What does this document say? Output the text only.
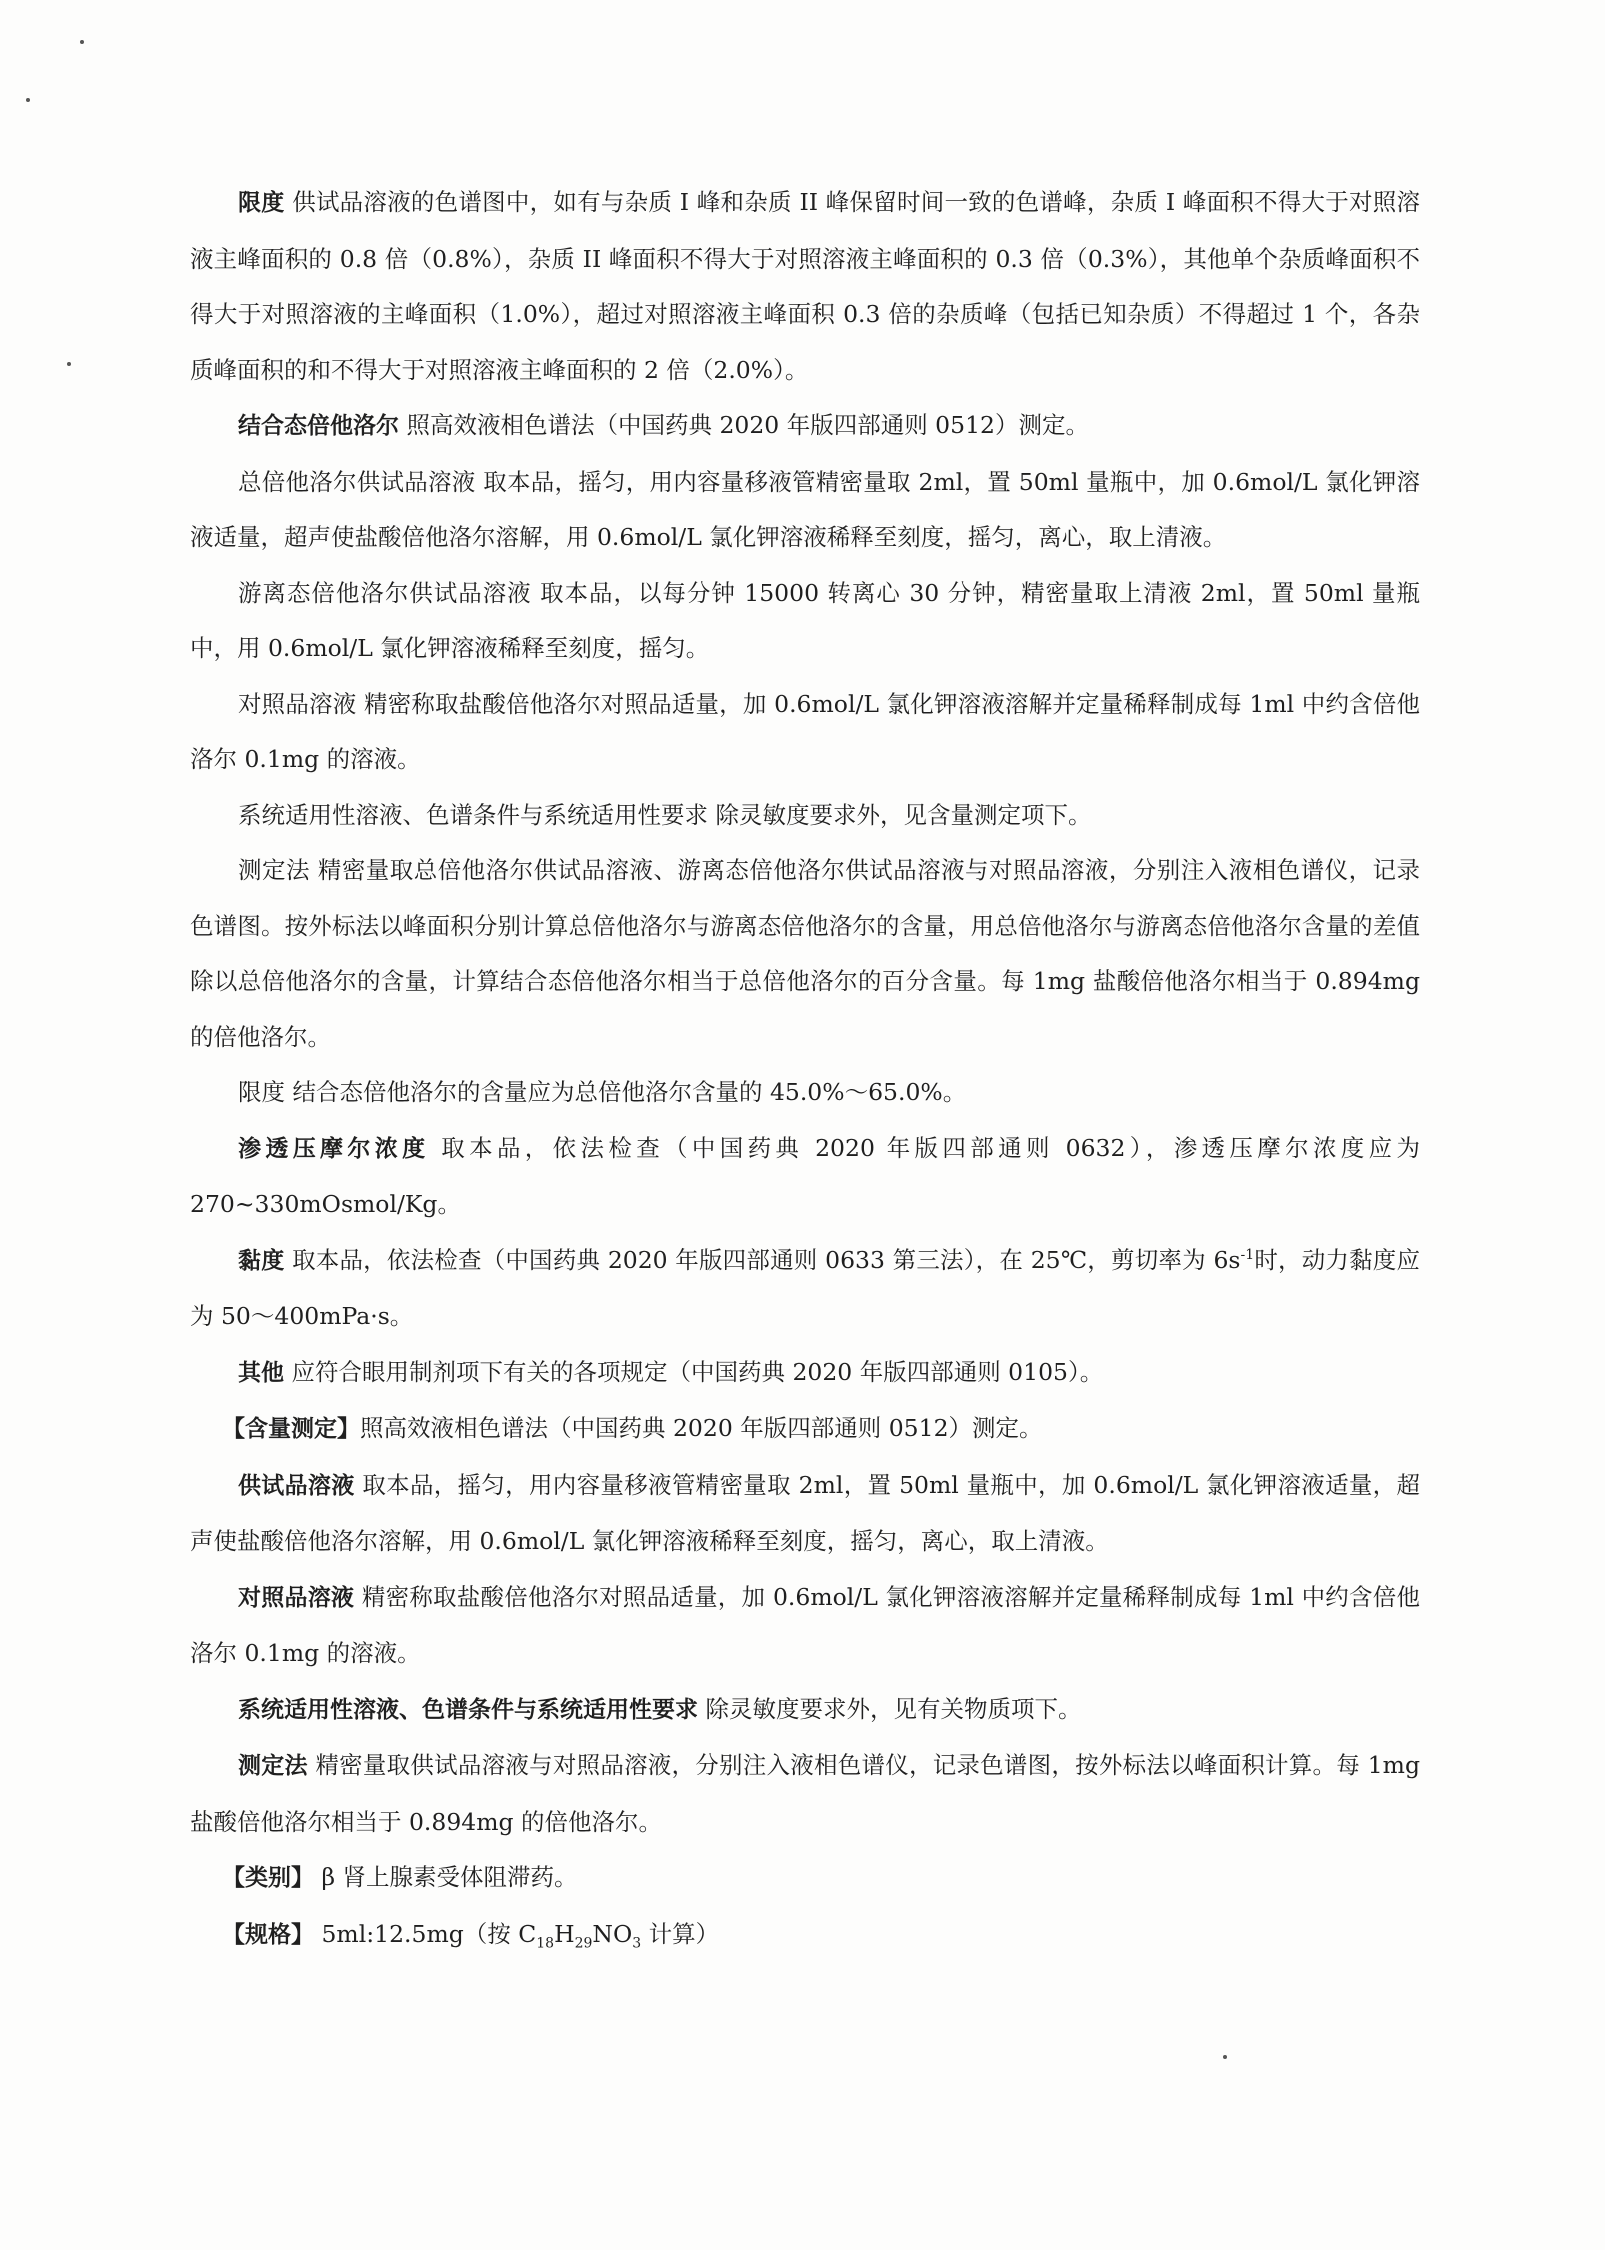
限度 供试品溶液的色谱图中，如有与杂质 I 峰和杂质 II 峰保留时间一致的色谱峰，杂质 I 峰面积不得大于对照溶液主峰面积的 0.8 倍（0.8%），杂质 II 峰面积不得大于对照溶液主峰面积的 0.3 倍（0.3%），其他单个杂质峰面积不得大于对照溶液的主峰面积（1.0%），超过对照溶液主峰面积 0.3 倍的杂质峰（包括已知杂质）不得超过 1 个，各杂质峰面积的和不得大于对照溶液主峰面积的 2 倍（2.0%）。

结合态倍他洛尔 照高效液相色谱法（中国药典 2020 年版四部通则 0512）测定。

总倍他洛尔供试品溶液 取本品，摇匀，用内容量移液管精密量取 2ml，置 50ml 量瓶中，加 0.6mol/L 氯化钾溶液适量，超声使盐酸倍他洛尔溶解，用 0.6mol/L 氯化钾溶液稀释至刻度，摇匀，离心，取上清液。

游离态倍他洛尔供试品溶液 取本品，以每分钟 15000 转离心 30 分钟，精密量取上清液 2ml，置 50ml 量瓶中，用 0.6mol/L 氯化钾溶液稀释至刻度，摇匀。

对照品溶液 精密称取盐酸倍他洛尔对照品适量，加 0.6mol/L 氯化钾溶液溶解并定量稀释制成每 1ml 中约含倍他洛尔 0.1mg 的溶液。

系统适用性溶液、色谱条件与系统适用性要求 除灵敏度要求外，见含量测定项下。

测定法 精密量取总倍他洛尔供试品溶液、游离态倍他洛尔供试品溶液与对照品溶液，分别注入液相色谱仪，记录色谱图。按外标法以峰面积分别计算总倍他洛尔与游离态倍他洛尔的含量，用总倍他洛尔与游离态倍他洛尔含量的差值除以总倍他洛尔的含量，计算结合态倍他洛尔相当于总倍他洛尔的百分含量。每 1mg 盐酸倍他洛尔相当于 0.894mg 的倍他洛尔。

限度 结合态倍他洛尔的含量应为总倍他洛尔含量的 45.0%～65.0%。

渗透压摩尔浓度 取本品，依法检查（中国药典 2020 年版四部通则 0632），渗透压摩尔浓度应为 270~330mOsmol/Kg。

黏度 取本品，依法检查（中国药典 2020 年版四部通则 0633 第三法），在 25℃，剪切率为 $6s^{-1}$时，动力黏度应为 50～400mPa·s。

其他 应符合眼用制剂项下有关的各项规定（中国药典 2020 年版四部通则 0105）。

【含量测定】照高效液相色谱法（中国药典 2020 年版四部通则 0512）测定。

供试品溶液 取本品，摇匀，用内容量移液管精密量取 2ml，置 50ml 量瓶中，加 0.6mol/L 氯化钾溶液适量，超声使盐酸倍他洛尔溶解，用 0.6mol/L 氯化钾溶液稀释至刻度，摇匀，离心，取上清液。

对照品溶液 精密称取盐酸倍他洛尔对照品适量，加 0.6mol/L 氯化钾溶液溶解并定量稀释制成每 1ml 中约含倍他洛尔 0.1mg 的溶液。

系统适用性溶液、色谱条件与系统适用性要求 除灵敏度要求外，见有关物质项下。

测定法 精密量取供试品溶液与对照品溶液，分别注入液相色谱仪，记录色谱图，按外标法以峰面积计算。每 1mg 盐酸倍他洛尔相当于 0.894mg 的倍他洛尔。

【类别】 β 肾上腺素受体阻滞药。

【规格】 5ml:12.5mg（按 $C_{18}H_{29}NO_3$ 计算）
